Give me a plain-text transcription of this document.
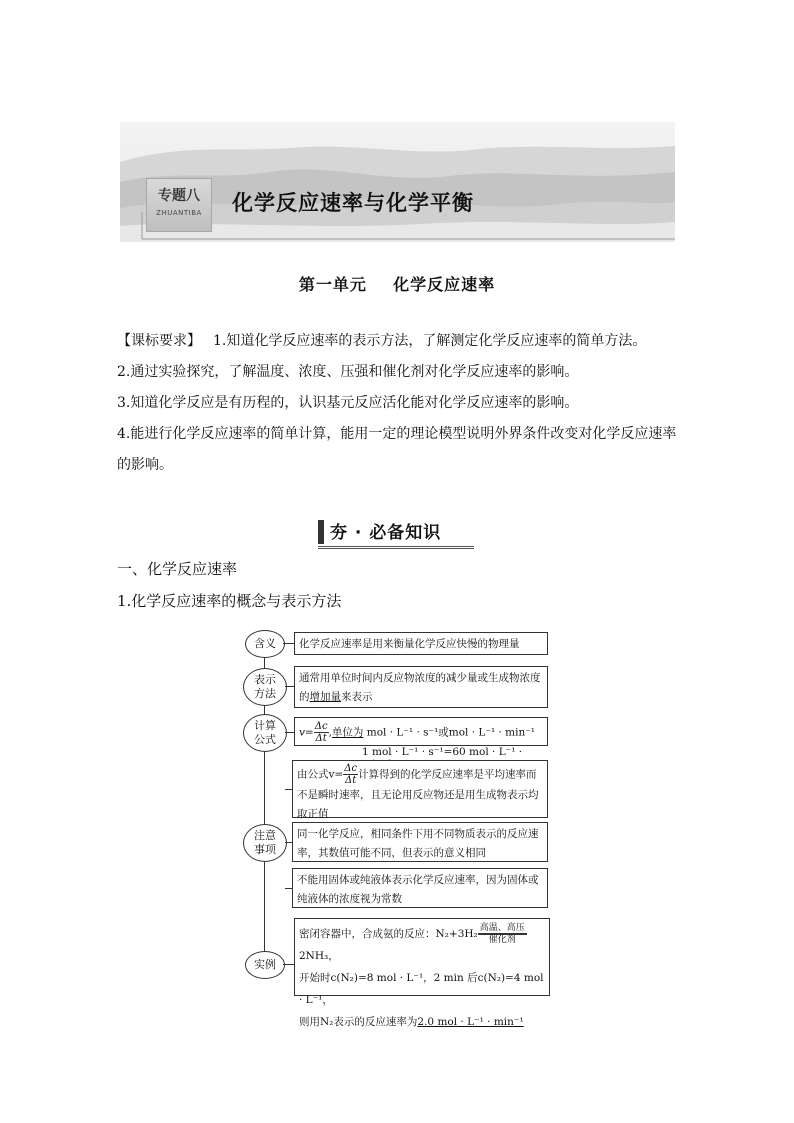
专题八
ZHUANTIBA	化学反应速率与化学平衡
第一单元    化学反应速率

【课标要求】 1.知道化学反应速率的表示方法，了解测定化学反应速率的简单方法。

2.通过实验探究，了解温度、浓度、压强和催化剂对化学反应速率的影响。

3.知道化学反应是有历程的，认识基元反应活化能对化学反应速率的影响。

4.能进行化学反应速率的简单计算，能用一定的理论模型说明外界条件改变对化学反应速率的影响。

夯 · 必备知识
一、化学反应速率
1.化学反应速率的概念与表示方法
含义	化学反应速率是用来衡量化学反应快慢的物理量
表示方法
通常用单位时间内反应物浓度的减少量或生成物浓度的增加量来表示
计算公式
$v= \frac{\Delta c}{\Delta t}$ ,单位为 mol · L⁻¹ · s⁻¹或mol · L⁻¹ · min⁻¹
1 mol · L⁻¹ · s⁻¹=60 mol · L⁻¹ ·
注意事项
由公式$v= \frac{\Delta c}{\Delta t}$ 计算得到的化学反应速率是平均速率而不是瞬时速率，且无论用反应物还是用生成物表示均取正值
同一化学反应，相同条件下用不同物质表示的反应速率，其数值可能不同，但表示的意义相同
不能用固体或纯液体表示化学反应速率，因为固体或纯液体的浓度视为常数
实例
密闭容器中，合成氨的反应：N₂+3H₂ 高温、高压
催化剂
2NH₃，
开始时c(N₂)=8 mol · L⁻¹，2 min 后c(N₂)=4 mol · L⁻¹，
则用N₂表示的反应速率为2.0 mol · L⁻¹ · min⁻¹
